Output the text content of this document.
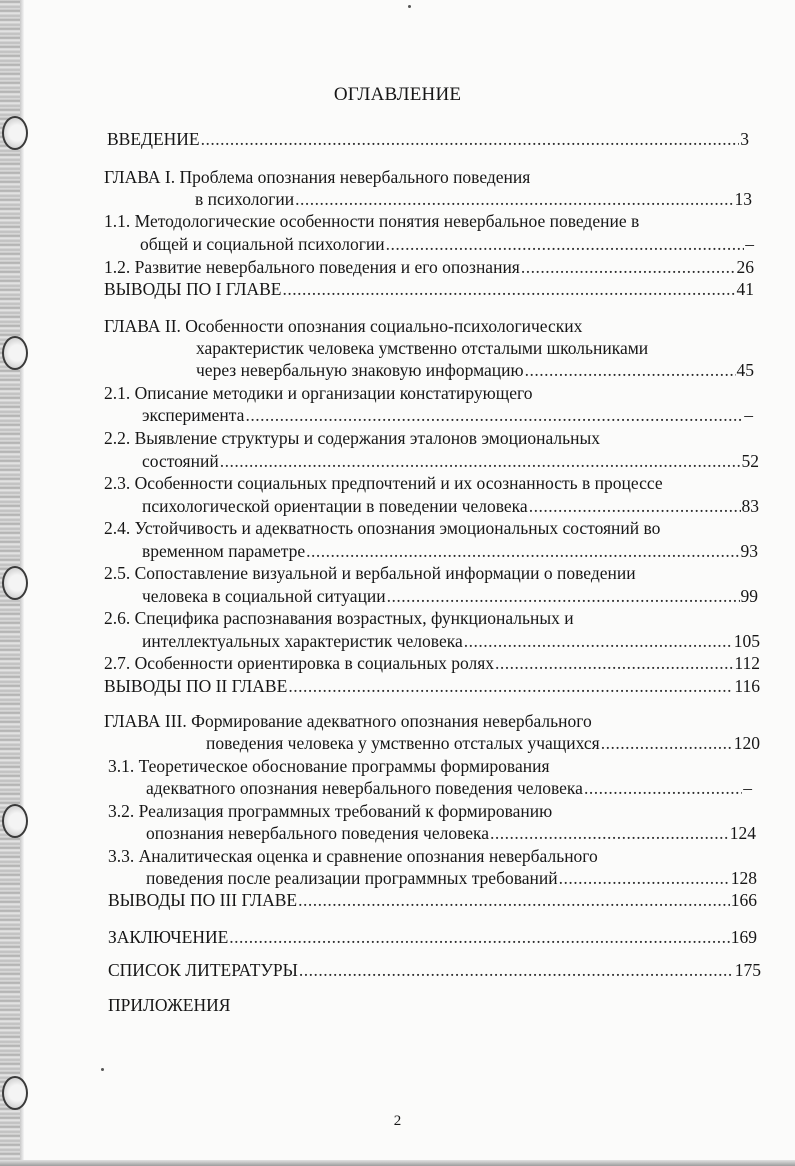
ОГЛАВЛЕНИЕ
ВВЕДЕНИЕ .....	3
ГЛАВА I. Проблема опознания невербального поведения
в психологии .....	13
1.1. Методологические особенности понятия невербальное поведение в
общей и социальной психологии .....	–
1.2. Развитие невербального поведения и его опознания .....	26
ВЫВОДЫ ПО I ГЛАВЕ .....	41
ГЛАВА II. Особенности опознания социально-психологических
характеристик человека умственно отсталыми школьниками
через невербальную знаковую информацию .....	45
2.1. Описание методики и организации констатирующего
эксперимента .....	–
2.2. Выявление структуры и содержания эталонов эмоциональных
состояний .....	52
2.3. Особенности социальных предпочтений и их осознанность в процессе
психологической ориентации в поведении человека .....	83
2.4. Устойчивость и адекватность опознания эмоциональных состояний во
временном параметре .....	93
2.5. Сопоставление визуальной и вербальной информации о поведении
человека в социальной ситуации .....	99
2.6. Специфика распознавания возрастных, функциональных и
интеллектуальных характеристик человека .....	105
2.7. Особенности ориентировка в социальных ролях .....	112
ВЫВОДЫ ПО II ГЛАВЕ .....	116
ГЛАВА III. Формирование адекватного опознания невербального
поведения человека у умственно отсталых учащихся .....	120
3.1. Теоретическое обоснование программы формирования
адекватного опознания невербального поведения человека .....	–
3.2. Реализация программных требований к формированию
опознания невербального поведения человека .....	124
3.3. Аналитическая оценка и сравнение опознания невербального
поведения после реализации программных требований .....	128
ВЫВОДЫ ПО III ГЛАВЕ .....	166
ЗАКЛЮЧЕНИЕ .....	169
СПИСОК ЛИТЕРАТУРЫ .....	175
ПРИЛОЖЕНИЯ
2
